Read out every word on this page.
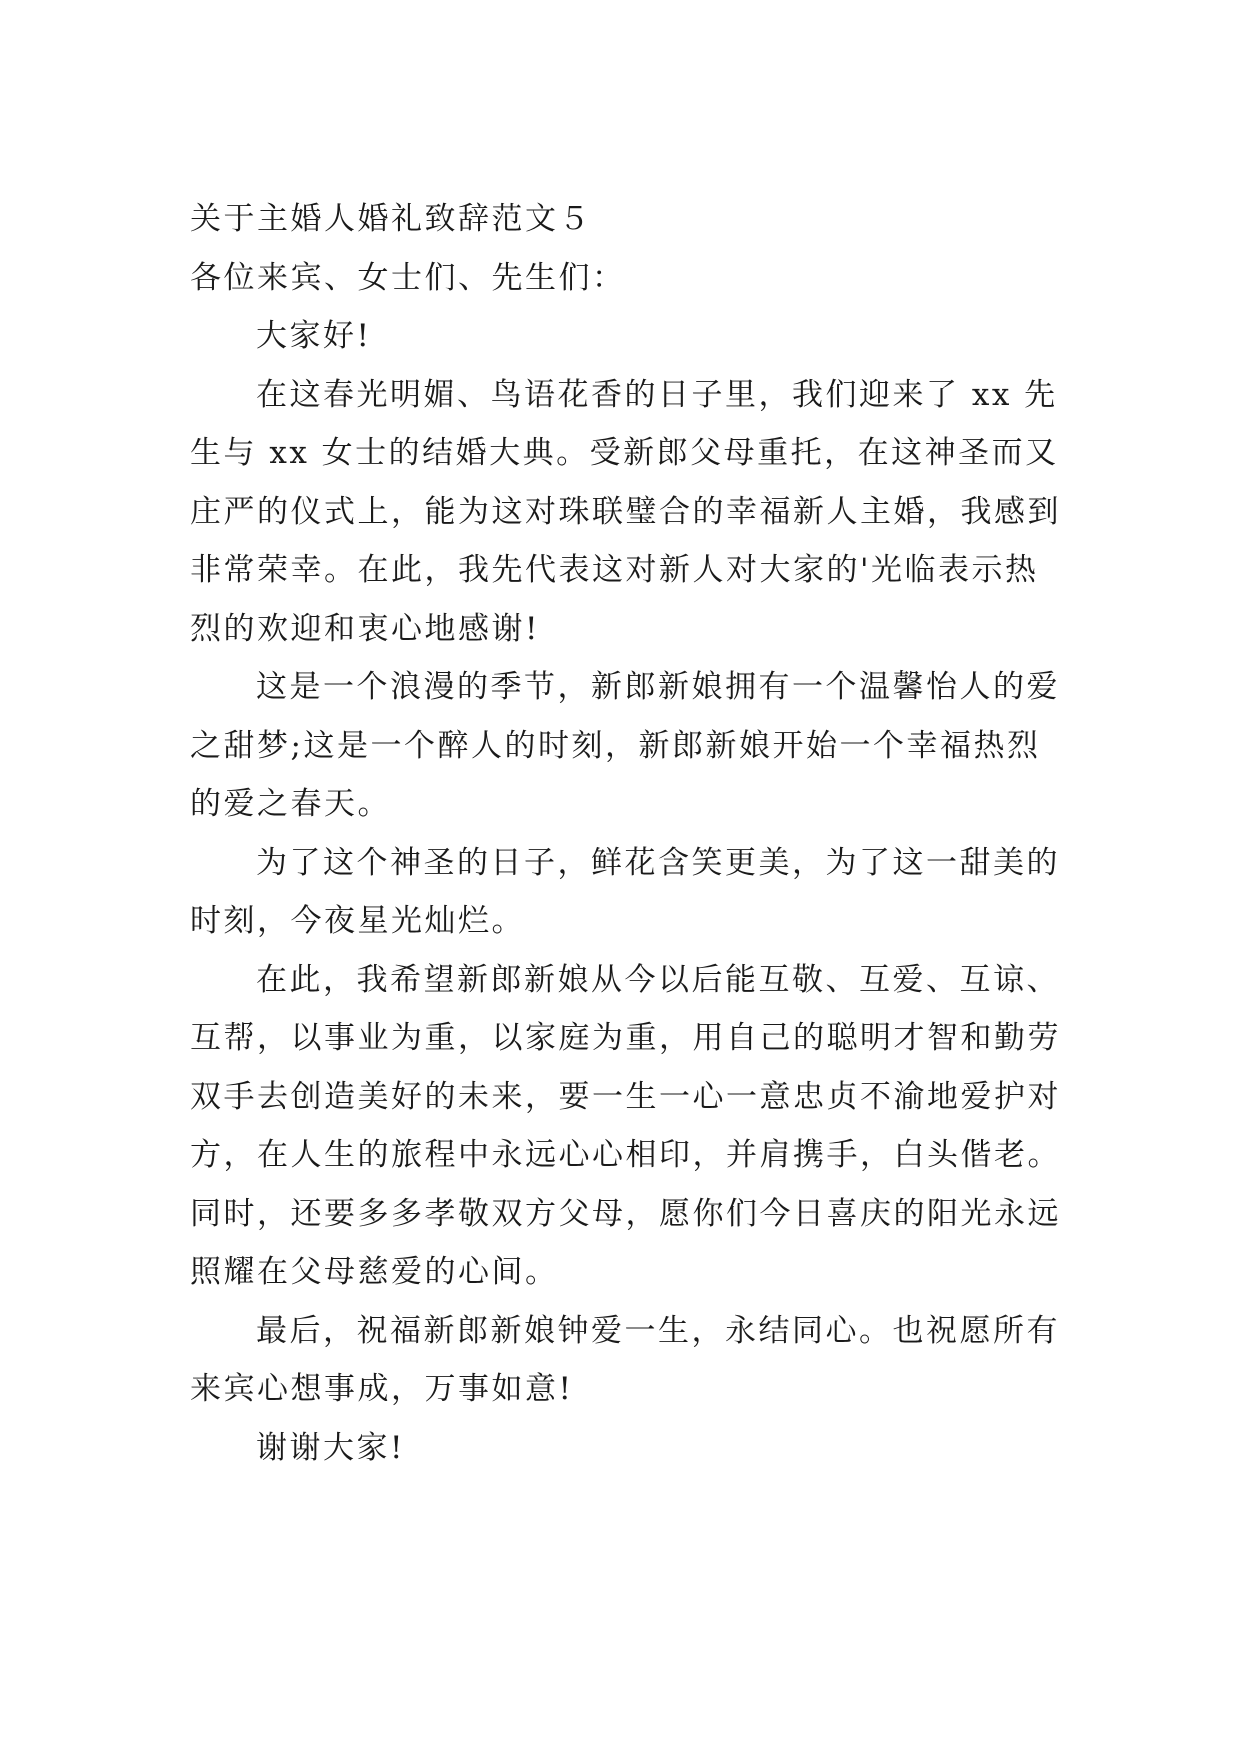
关于主婚人婚礼致辞范文５
各位来宾、女士们、先生们：
大家好!
在这春光明媚、鸟语花香的日子里，我们迎来了 xx 先
生与 xx 女士的结婚大典。受新郎父母重托，在这神圣而又
庄严的仪式上，能为这对珠联璧合的幸福新人主婚，我感到
非常荣幸。在此，我先代表这对新人对大家的'光临表示热
烈的欢迎和衷心地感谢!
这是一个浪漫的季节，新郎新娘拥有一个温馨怡人的爱
之甜梦;这是一个醉人的时刻，新郎新娘开始一个幸福热烈
的爱之春天。
为了这个神圣的日子，鲜花含笑更美，为了这一甜美的
时刻，今夜星光灿烂。
在此，我希望新郎新娘从今以后能互敬、互爱、互谅、
互帮，以事业为重，以家庭为重，用自己的聪明才智和勤劳
双手去创造美好的未来，要一生一心一意忠贞不渝地爱护对
方，在人生的旅程中永远心心相印，并肩携手，白头偕老。
同时，还要多多孝敬双方父母，愿你们今日喜庆的阳光永远
照耀在父母慈爱的心间。
最后，祝福新郎新娘钟爱一生，永结同心。也祝愿所有
来宾心想事成，万事如意!
谢谢大家!
